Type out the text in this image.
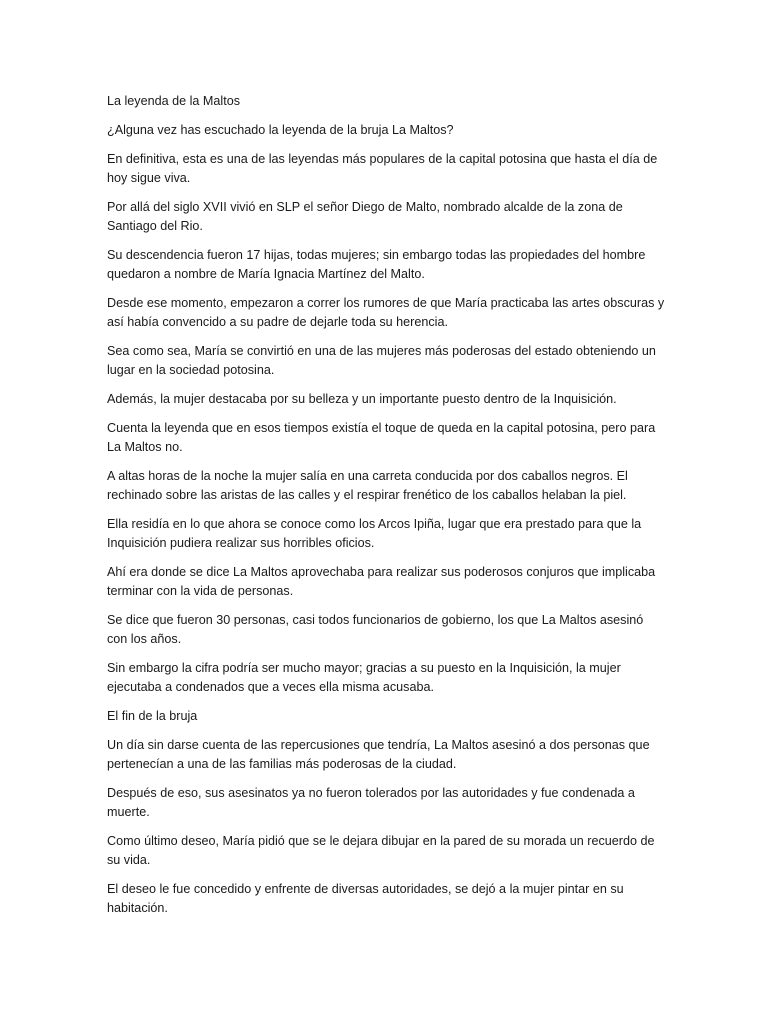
La leyenda de la Maltos

¿Alguna vez has escuchado la leyenda de la bruja La Maltos?

En definitiva, esta es una de las leyendas más populares de la capital potosina que hasta el día de hoy sigue viva.

Por allá del siglo XVII vivió en SLP el señor Diego de Malto, nombrado alcalde de la zona de Santiago del Rio.

Su descendencia fueron 17 hijas, todas mujeres; sin embargo todas las propiedades del hombre quedaron a nombre de María Ignacia Martínez del Malto.

Desde ese momento, empezaron a correr los rumores de que María practicaba las artes obscuras y así había convencido a su padre de dejarle toda su herencia.

Sea como sea, María se convirtió en una de las mujeres más poderosas del estado obteniendo un lugar en la sociedad potosina.

Además, la mujer destacaba por su belleza y un importante puesto dentro de la Inquisición.

Cuenta la leyenda que en esos tiempos existía el toque de queda en la capital potosina, pero para La Maltos no.

A altas horas de la noche la mujer salía en una carreta conducida por dos caballos negros. El rechinado sobre las aristas de las calles y el respirar frenético de los caballos helaban la piel.

Ella residía en lo que ahora se conoce como los Arcos Ipiña, lugar que era prestado para que la Inquisición pudiera realizar sus horribles oficios.

Ahí era donde se dice La Maltos aprovechaba para realizar sus poderosos conjuros que implicaba terminar con la vida de personas.

Se dice que fueron 30 personas, casi todos funcionarios de gobierno, los que La Maltos asesinó con los años.

Sin embargo la cifra podría ser mucho mayor; gracias a su puesto en la Inquisición, la mujer ejecutaba a condenados que a veces ella misma acusaba.

El fin de la bruja

Un día sin darse cuenta de las repercusiones que tendría, La Maltos asesinó a dos personas que pertenecían a una de las familias más poderosas de la ciudad.

Después de eso, sus asesinatos ya no fueron tolerados por las autoridades y fue condenada a muerte.

Como último deseo, María pidió que se le dejara dibujar en la pared de su morada un recuerdo de su vida.

El deseo le fue concedido y enfrente de diversas autoridades, se dejó a la mujer pintar en su habitación.
